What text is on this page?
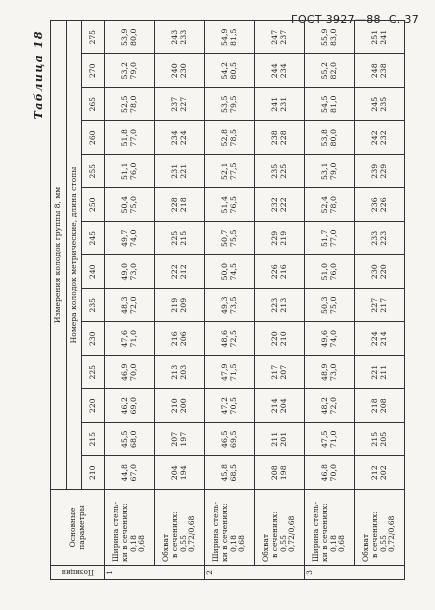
ГОСТ 3927—88 С. 37
Таблица 18
Позиция	Основные параметры	Измерения колодок группы 8, мм													
		Номера колодок метрические, длина стопы													
		210	215	220	225	230	235	240	245	250	255	260	265	270	275
1	Ширина стель- ки в сечениях: 0,18 0,68	44,8 67,0	45,5 68,0	46,2 69,0	46,9 70,0	47,6 71,0	48,3 72,0	49,0 73,0	49,7 74,0	50,4 75,0	51,1 76,0	51,8 77,0	52,5 78,0	53,2 79,0	53,9 80,0

	Обхват в сечениях: 0,55 0,72/0,68	204 194	207 197	210 200	213 203	216 206	219 209	222 212	225 215	228 218	231 221	234 224	237 227	240 230	243 233

2	Ширина стель- ки в сечениях: 0,18 0,68	45,8 68,5	46,5 69,5	47,2 70,5	47,9 71,5	48,6 72,5	49,3 73,5	50,0 74,5	50,7 75,5	51,4 76,5	52,1 77,5	52,8 78,5	53,5 79,5	54,2 80,5	54,9 81,5

	Обхват в сечениях: 0,55 0,72/0,68	208 198	211 201	214 204	217 207	220 210	223 213	226 216	229 219	232 222	235 225	238 228	241 231	244 234	247 237

3	Ширина стель- ки в сечениях: 0,18 0,68	46,8 70,0	47,5 71,0	48,2 72,0	48,9 73,0	49,6 74,0	50,3 75,0	51,0 76,0	51,7 77,0	52,4 78,0	53,1 79,0	53,8 80,0	54,5 81,0	55,2 82,0	55,9 83,0

	Обхват в сечениях: 0,55 0,72/0,68	212 202	215 205	218 208	221 211	224 214	227 217	230 220	233 223	236 226	239 229	242 232	245 235	248 238	251 241
